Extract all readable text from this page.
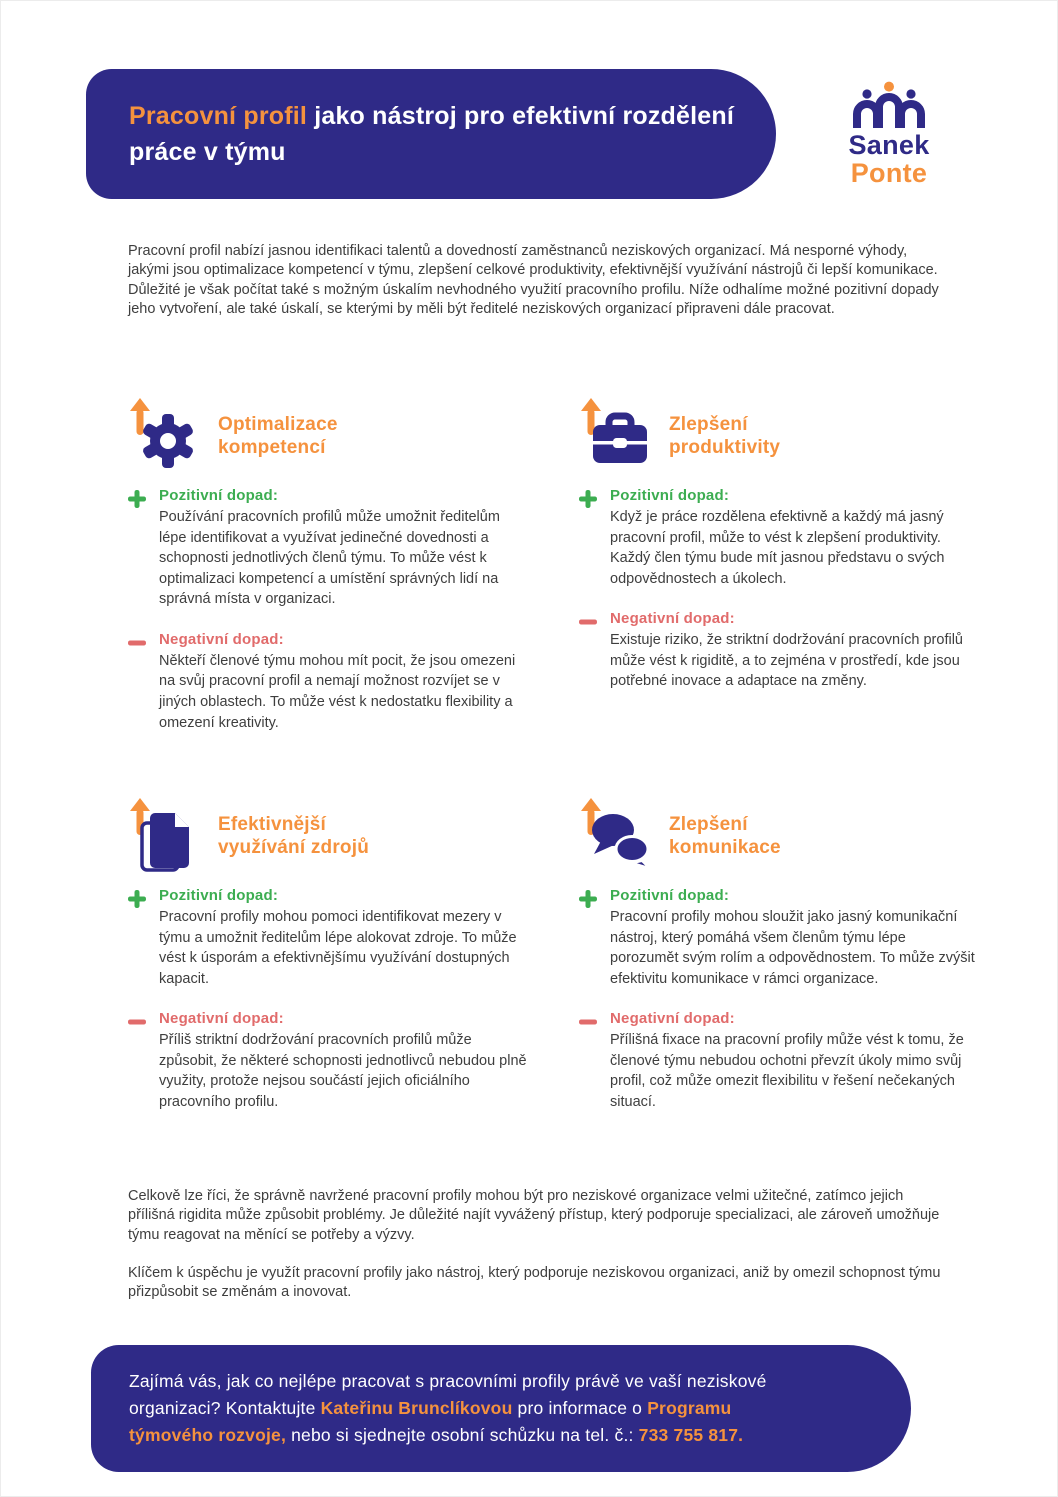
Pracovní profil jako nástroj pro efektivní rozdělení práce v týmu	Sanek
Ponte

Pracovní profil nabízí jasnou identifikaci talentů a dovedností zaměstnanců neziskových organizací. Má nesporné výhody, jakými jsou optimalizace kompetencí v týmu, zlepšení celkové produktivity, efektivnější využívání nástrojů či lepší komunikace. Důležité je však počítat také s možným úskalím nevhodného využití pracovního profilu. Níže odhalíme možné pozitivní dopady jeho vytvoření, ale také úskalí, se kterými by měli být ředitelé neziskových organizací připraveni dále pracovat.

Optimalizace
kompetencí
Pozitivní dopad:

Používání pracovních profilů může umožnit ředitelům lépe identifikovat a využívat jedinečné dovednosti a schopnosti jednotlivých členů týmu. To může vést k optimalizaci kompetencí a umístění správných lidí na správná místa v organizaci.

Negativní dopad:

Někteří členové týmu mohou mít pocit, že jsou omezeni na svůj pracovní profil a nemají možnost rozvíjet se v jiných oblastech. To může vést k nedostatku flexibility a omezení kreativity.

Zlepšení
produktivity
Pozitivní dopad:

Když je práce rozdělena efektivně a každý má jasný pracovní profil, může to vést k zlepšení produktivity. Každý člen týmu bude mít jasnou představu o svých odpovědnostech a úkolech.

Negativní dopad:

Existuje riziko, že striktní dodržování pracovních profilů může vést k rigiditě, a to zejména v prostředí, kde jsou potřebné inovace a adaptace na změny.

Efektivnější
využívání zdrojů
Pozitivní dopad:

Pracovní profily mohou pomoci identifikovat mezery v týmu a umožnit ředitelům lépe alokovat zdroje. To může vést k úsporám a efektivnějšímu využívání dostupných kapacit.

Negativní dopad:

Příliš striktní dodržování pracovních profilů může způsobit, že některé schopnosti jednotlivců nebudou plně využity, protože nejsou součástí jejich oficiálního pracovního profilu.

Zlepšení
komunikace
Pozitivní dopad:

Pracovní profily mohou sloužit jako jasný komunikační nástroj, který pomáhá všem členům týmu lépe porozumět svým rolím a odpovědnostem. To může zvýšit efektivitu komunikace v rámci organizace.

Negativní dopad:

Přílišná fixace na pracovní profily může vést k tomu, že členové týmu nebudou ochotni převzít úkoly mimo svůj profil, což může omezit flexibilitu v řešení nečekaných situací.

Celkově lze říci, že správně navržené pracovní profily mohou být pro neziskové organizace velmi užitečné, zatímco jejich přílišná rigidita může způsobit problémy. Je důležité najít vyvážený přístup, který podporuje specializaci, ale zároveň umožňuje týmu reagovat na měnící se potřeby a výzvy.

Klíčem k úspěchu je využít pracovní profily jako nástroj, který podporuje neziskovou organizaci, aniž by omezil schopnost týmu přizpůsobit se změnám a inovovat.

Zajímá vás, jak co nejlépe pracovat s pracovními profily právě ve vaší neziskové organizaci? Kontaktujte Kateřinu Brunclíkovou pro informace o Programu týmového rozvoje, nebo si sjednejte osobní schůzku na tel. č.: 733 755 817.
